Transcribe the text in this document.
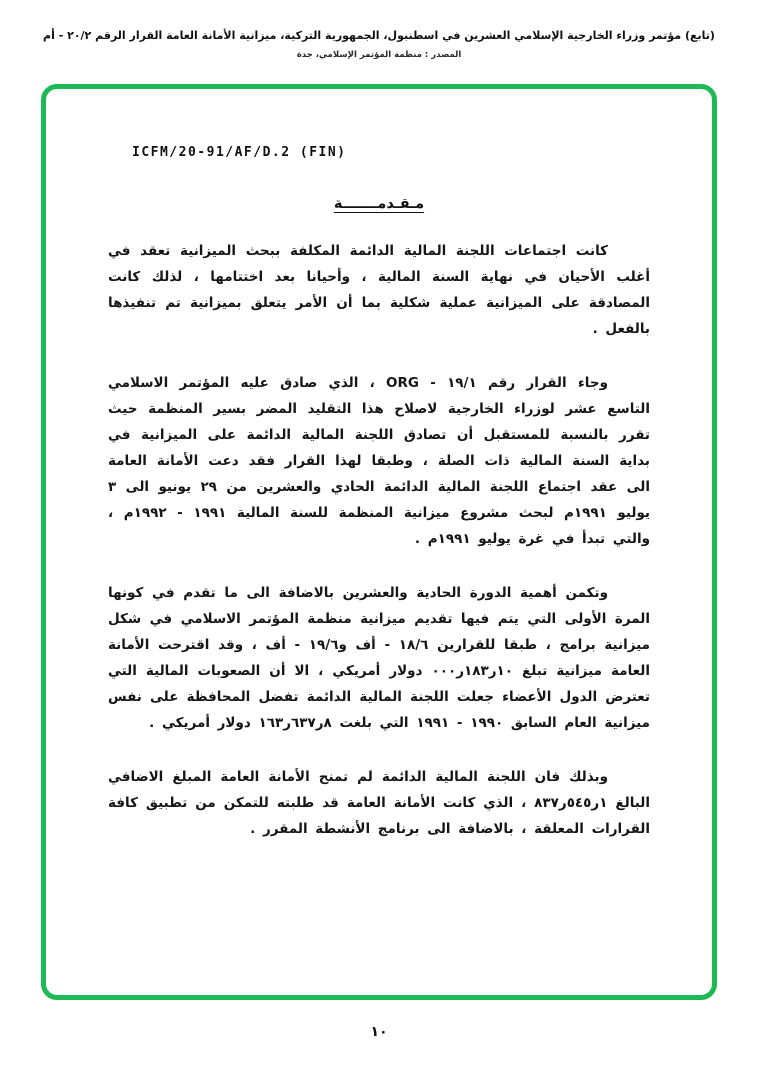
(تابع) مؤتمر وزراء الخارجية الإسلامي العشرين في اسطنبول، الجمهورية التركية، ميزانية الأمانة العامة القرار الرقم ٢٠/٢ - أم
المصدر : منظمة المؤتمر الإسلامي، جدة
ICFM/20-91/AF/D.2 (FIN)
مـقـدمـــــــة

كانت اجتماعات اللجنة المالية الدائمة المكلفة ببحث الميزانية تعقد في أغلب الأحيان في نهاية السنة المالية ، وأحيانا بعد اختتامها ، لذلك كانت المصادقة على الميزانية عملية شكلية بما أن الأمر يتعلق بميزانية تم تنفيذها بالفعل .

وجاء القرار رقم ١٩/١ - ORG ، الذي صادق عليه المؤتمر الاسلامي التاسع عشر لوزراء الخارجية لاصلاح هذا التقليد المضر بسير المنظمة حيث تقرر بالنسبة للمستقبل أن تصادق اللجنة المالية الدائمة على الميزانية في بداية السنة المالية ذات الصلة ، وطبقا لهذا القرار فقد دعت الأمانة العامة الى عقد اجتماع اللجنة المالية الدائمة الحادي والعشرين من ٢٩ يونيو الى ٣ يوليو ١٩٩١م لبحث مشروع ميزانية المنظمة للسنة المالية ١٩٩١ - ١٩٩٢م ، والتي تبدأ في غرة يوليو ١٩٩١م .

وتكمن أهمية الدورة الحادية والعشرين بالاضافة الى ما تقدم في كونها المرة الأولى التي يتم فيها تقديم ميزانية منظمة المؤتمر الاسلامي في شكل ميزانية برامج ، طبقا للقرارين ١٨/٦ - أف و١٩/٦ - أف ، وقد اقترحت الأمانة العامة ميزانية تبلغ ١٠ر١٨٣ر٠٠٠ دولار أمريكي ، الا أن الصعوبات المالية التي تعترض الدول الأعضاء جعلت اللجنة المالية الدائمة تفضل المحافظة على نفس ميزانية العام السابق ١٩٩٠ - ١٩٩١ التي بلغت ٨ر٦٣٧ر١٦٣ دولار أمريكي .

وبذلك فان اللجنة المالية الدائمة لم تمنح الأمانة العامة المبلغ الاضافي البالغ ١ر٥٤٥ر٨٣٧ ، الذي كانت الأمانة العامة قد طلبته للتمكن من تطبيق كافة القرارات المعلقة ، بالاضافة الى برنامج الأنشطة المقرر .

١٠
